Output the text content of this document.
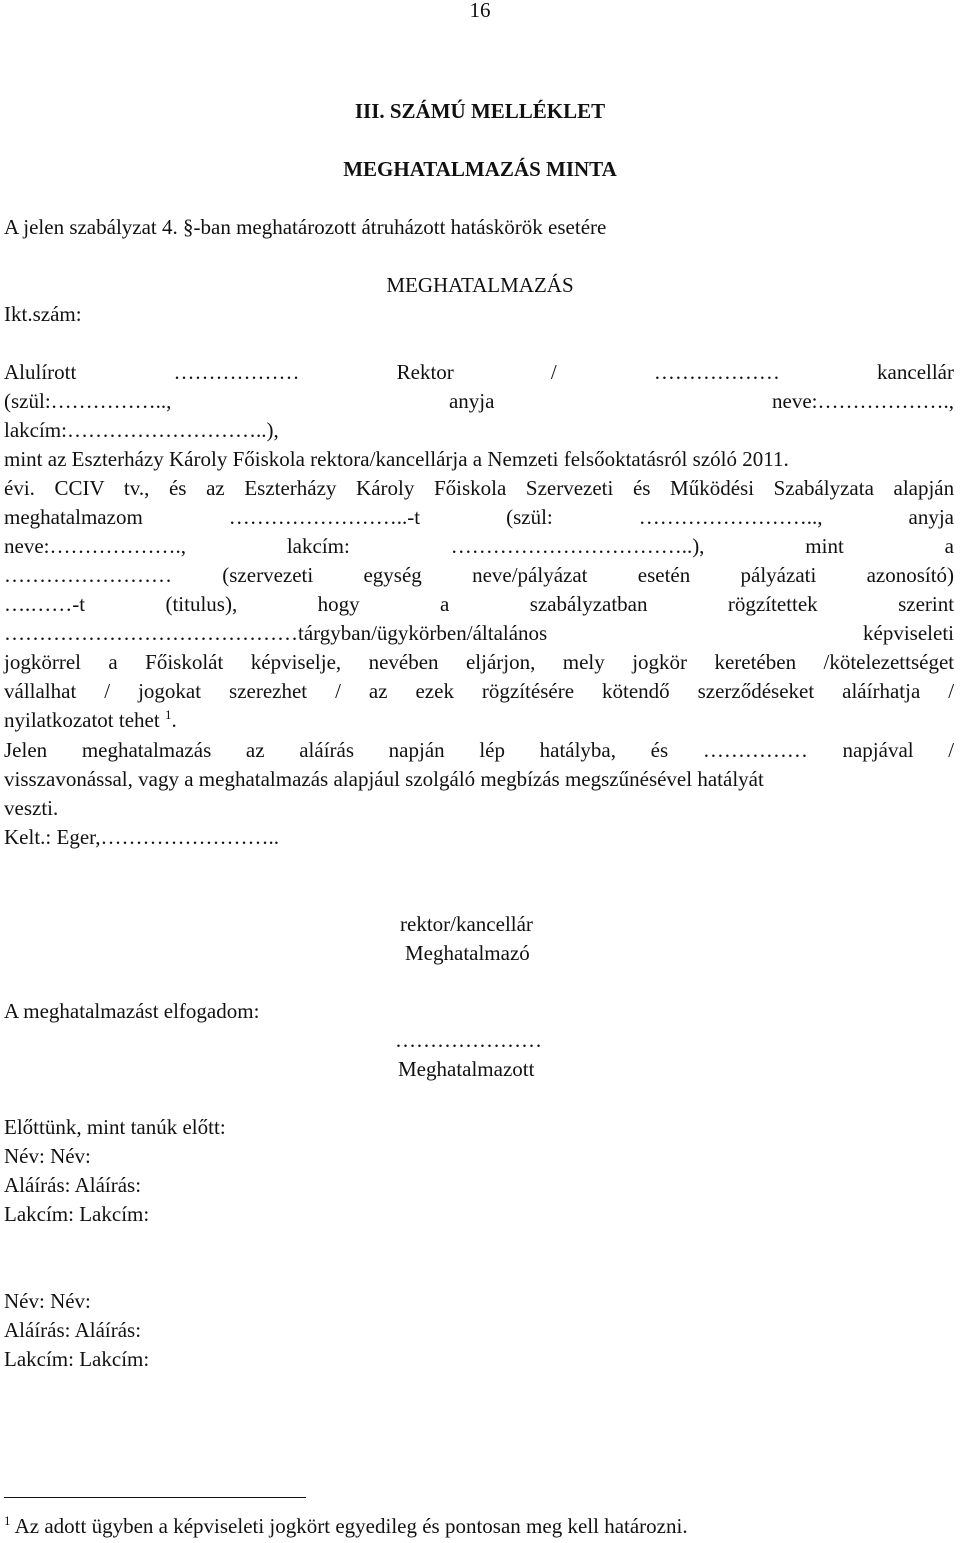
16
III. SZÁMÚ MELLÉKLET
MEGHATALMAZÁS MINTA
A jelen szabályzat 4. §-ban meghatározott átruházott hatáskörök esetére
MEGHATALMAZÁS
Ikt.szám:
Alulírott	………………	Rektor	/	………………	kancellár
(szül:……………..,	anyja	neve:……………….,
lakcím:………………………..),
mint az Eszterházy Károly Főiskola rektora/kancellárja a Nemzeti felsőoktatásról szóló 2011.
évi. CCIV tv., és az Eszterházy Károly Főiskola Szervezeti és Működési Szabályzata alapján
meghatalmazom	……………………..-t	(szül:	……………………..,	anyja
neve:……………….,	lakcím:	……………………………..),	mint	a
…………………… (szervezeti egység neve/pályázat esetén pályázati azonosító)
….……-t	(titulus),	hogy	a	szabályzatban	rögzítettek	szerint
……………………………………tárgyban/ügykörben/általános	képviseleti
jogkörrel a Főiskolát képviselje, nevében eljárjon, mely jogkör keretében /kötelezettséget
vállalhat / jogokat szerezhet / az ezek rögzítésére kötendő szerződéseket aláírhatja /
nyilatkozatot tehet $^1$.
Jelen meghatalmazás az aláírás napján lép hatályba, és …………… napjával /
visszavonással, vagy a meghatalmazás alapjául szolgáló megbízás megszűnésével hatályát
veszti.
Kelt.: Eger,……………………..
rektor/kancellár
Meghatalmazó
A meghatalmazást elfogadom:
…………………
Meghatalmazott
Előttünk, mint tanúk előtt:
Név: Név:
Aláírás: Aláírás:
Lakcím: Lakcím:
Név: Név:
Aláírás: Aláírás:
Lakcím: Lakcím:
$^1$ Az adott ügyben a képviseleti jogkört egyedileg és pontosan meg kell határozni.
